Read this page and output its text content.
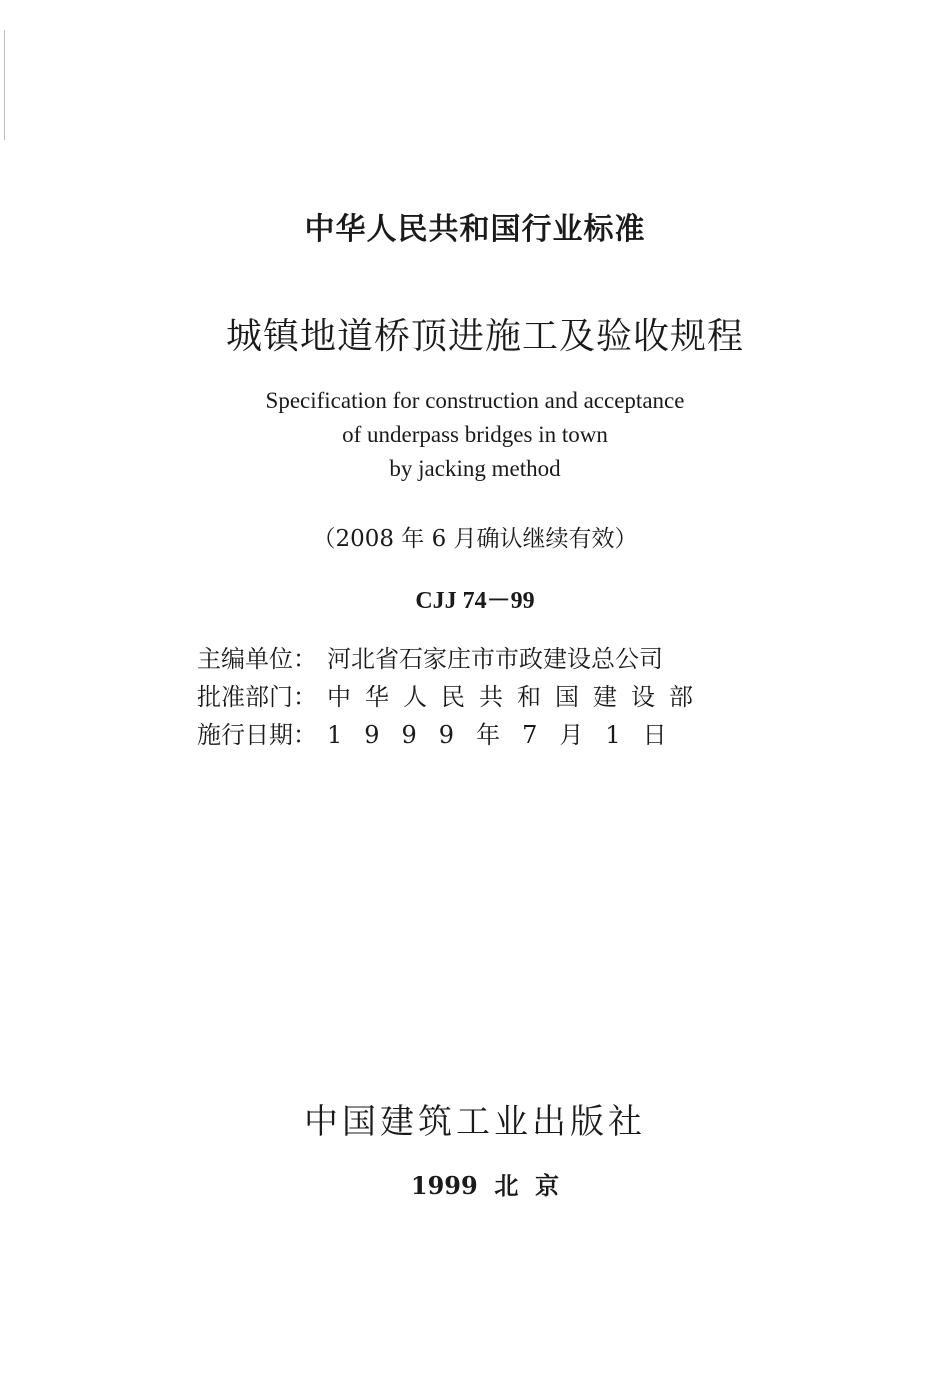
中华人民共和国行业标准
城镇地道桥顶进施工及验收规程
Specification for construction and acceptance
of underpass bridges in town
by jacking method
（2008 年 6 月确认继续有效）
CJJ 74－99
主编单位： 河北省石家庄市市政建设总公司
批准部门： 中华人民共和国建设部
施行日期： 1999年7月1日
中国建筑工业出版社
1999  北  京
